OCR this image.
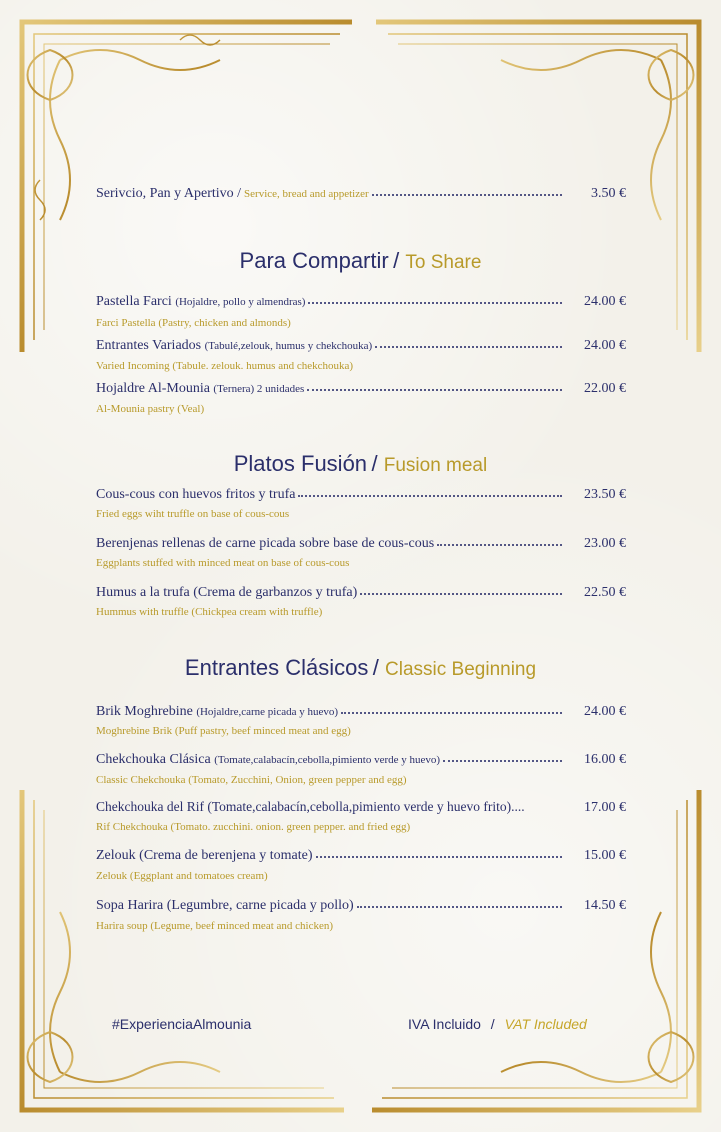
Serivcio, Pan y Apertivo / Service, bread and appetizer	3.50 €
Para Compartir / To Share
Pastella Farci (Hojaldre, pollo y almendras)	24.00 €
Farci Pastella (Pastry, chicken and almonds)
Entrantes Variados (Tabulé,zelouk, humus y chekchouka)	24.00 €
Varied Incoming (Tabule. zelouk. humus and chekchouka)
Hojaldre Al-Mounia (Ternera) 2 unidades	22.00 €
Al-Mounia pastry (Veal)
Platos Fusión / Fusion meal
Cous-cous con huevos fritos y trufa	23.50 €
Fried eggs wiht truffle on base of cous-cous
Berenjenas rellenas de carne picada sobre base de cous-cous	23.00 €
Eggplants stuffed with minced meat on base of cous-cous
Humus a la trufa (Crema de garbanzos y trufa)	22.50 €
Hummus with truffle (Chickpea cream with truffle)
Entrantes Clásicos / Classic Beginning
Brik Moghrebine (Hojaldre,carne picada y huevo)	24.00 €
Moghrebine Brik (Puff pastry, beef minced meat and egg)
Chekchouka Clásica (Tomate,calabacín,cebolla,pimiento verde y huevo)	16.00 €
Classic Chekchouka (Tomato, Zucchini, Onion, green pepper and egg)
Chekchouka del Rif (Tomate,calabacín,cebolla,pimiento verde y huevo frito)....	17.00 €
Rif Chekchouka (Tomato. zucchini. onion. green pepper. and fried egg)
Zelouk (Crema de berenjena y tomate)	15.00 €
Zelouk (Eggplant and tomatoes cream)
Sopa Harira (Legumbre, carne picada y pollo)	14.50 €
Harira soup (Legume, beef minced meat and chicken)
#ExperienciaAlmounia	IVA Incluido / VAT Included
